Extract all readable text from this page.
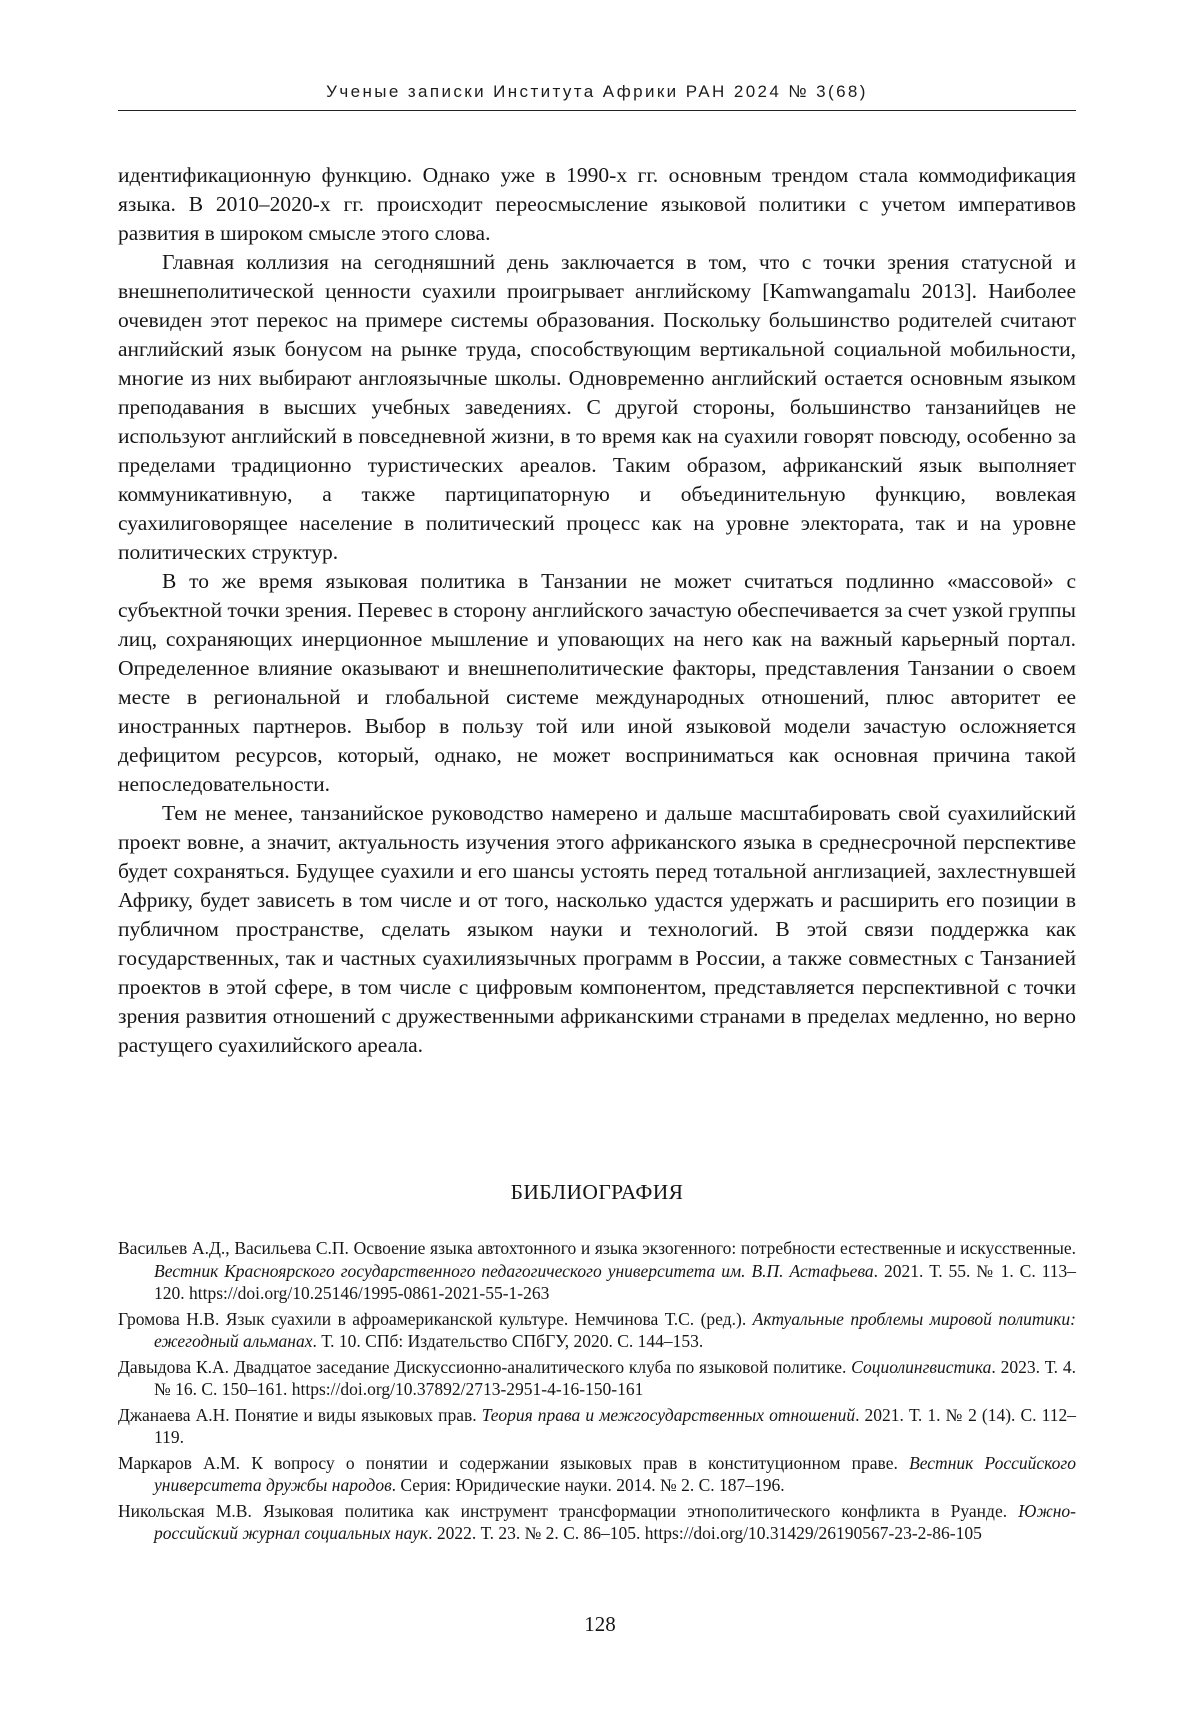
Ученые записки Института Африки РАН 2024 № 3(68)

идентификационную функцию. Однако уже в 1990-х гг. основным трендом стала коммодификация языка. В 2010–2020-х гг. происходит переосмысление языковой политики с учетом императивов развития в широком смысле этого слова.

Главная коллизия на сегодняшний день заключается в том, что с точки зрения статусной и внешнеполитической ценности суахили проигрывает английскому [Kamwangamalu 2013]. Наиболее очевиден этот перекос на примере системы образования. Поскольку большинство родителей считают английский язык бонусом на рынке труда, способствующим вертикальной социальной мобильности, многие из них выбирают англоязычные школы. Одновременно английский остается основным языком преподавания в высших учебных заведениях. С другой стороны, большинство танзанийцев не используют английский в повседневной жизни, в то время как на суахили говорят повсюду, особенно за пределами традиционно туристических ареалов. Таким образом, африканский язык выполняет коммуникативную, а также партиципаторную и объединительную функцию, вовлекая суахилиговорящее население в политический процесс как на уровне электората, так и на уровне политических структур.

В то же время языковая политика в Танзании не может считаться подлинно «массовой» с субъектной точки зрения. Перевес в сторону английского зачастую обеспечивается за счет узкой группы лиц, сохраняющих инерционное мышление и уповающих на него как на важный карьерный портал. Определенное влияние оказывают и внешнеполитические факторы, представления Танзании о своем месте в региональной и глобальной системе международных отношений, плюс авторитет ее иностранных партнеров. Выбор в пользу той или иной языковой модели зачастую осложняется дефицитом ресурсов, который, однако, не может восприниматься как основная причина такой непоследовательности.

Тем не менее, танзанийское руководство намерено и дальше масштабировать свой суахилийский проект вовне, а значит, актуальность изучения этого африканского языка в среднесрочной перспективе будет сохраняться. Будущее суахили и его шансы устоять перед тотальной англизацией, захлестнувшей Африку, будет зависеть в том числе и от того, насколько удастся удержать и расширить его позиции в публичном пространстве, сделать языком науки и технологий. В этой связи поддержка как государственных, так и частных суахилиязычных программ в России, а также совместных с Танзанией проектов в этой сфере, в том числе с цифровым компонентом, представляется перспективной с точки зрения развития отношений с дружественными африканскими странами в пределах медленно, но верно растущего суахилийского ареала.

БИБЛИОГРАФИЯ

Васильев А.Д., Васильева С.П. Освоение языка автохтонного и языка экзогенного: потребности естественные и искусственные. Вестник Красноярского государственного педагогического университета им. В.П. Астафьева. 2021. Т. 55. № 1. С. 113–120. https://doi.org/10.25146/1995-0861-2021-55-1-263

Громова Н.В. Язык суахили в афроамериканской культуре. Немчинова Т.С. (ред.). Актуальные проблемы мировой политики: ежегодный альманах. Т. 10. СПб: Издательство СПбГУ, 2020. С. 144–153.

Давыдова К.А. Двадцатое заседание Дискуссионно-аналитического клуба по языковой политике. Социолингвистика. 2023. Т. 4. № 16. С. 150–161. https://doi.org/10.37892/2713-2951-4-16-150-161

Джанаева А.Н. Понятие и виды языковых прав. Теория права и межгосударственных отношений. 2021. Т. 1. № 2 (14). С. 112–119.

Маркаров А.М. К вопросу о понятии и содержании языковых прав в конституционном праве. Вестник Российского университета дружбы народов. Серия: Юридические науки. 2014. № 2. С. 187–196.

Никольская М.В. Языковая политика как инструмент трансформации этнополитического конфликта в Руанде. Южно-российский журнал социальных наук. 2022. Т. 23. № 2. С. 86–105. https://doi.org/10.31429/26190567-23-2-86-105

128
